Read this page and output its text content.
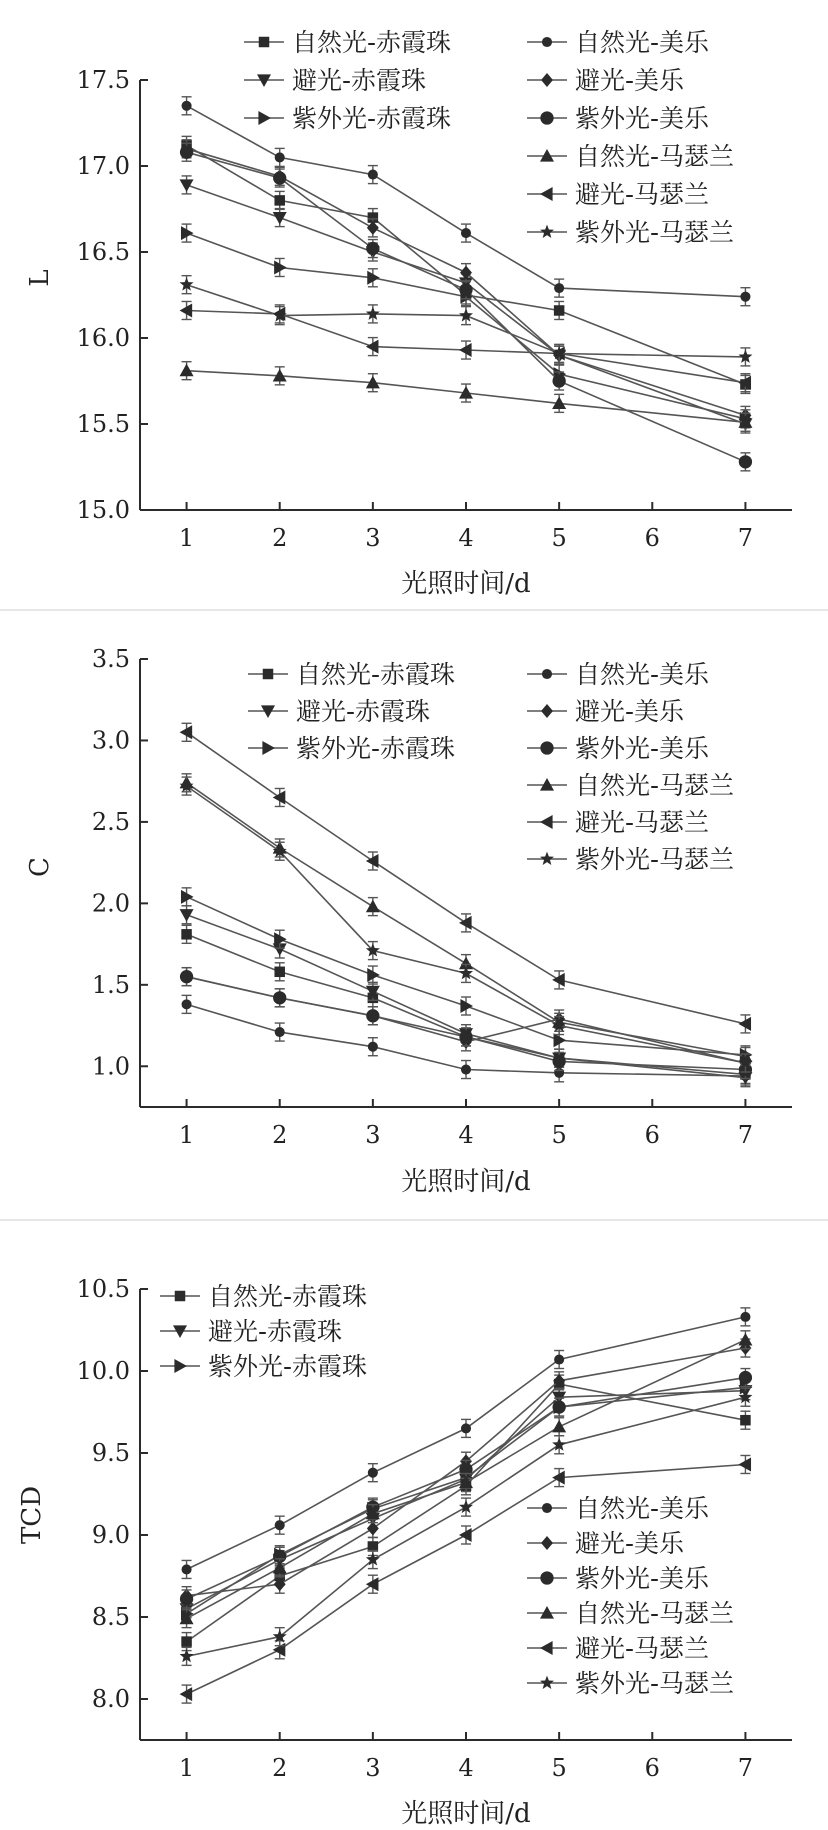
15.0
15.5
16.0
16.5
17.0
17.5
1	2	3	4	5	6	7
L
光照时间/d
自然光-赤霞珠
避光-赤霞珠
紫外光-赤霞珠
自然光-美乐
避光-美乐
紫外光-美乐
自然光-马瑟兰
避光-马瑟兰
紫外光-马瑟兰
1.0
1.5
2.0
2.5
3.0
3.5
1	2	3	4	5	6	7
C
光照时间/d
自然光-赤霞珠
避光-赤霞珠
紫外光-赤霞珠
自然光-美乐
避光-美乐
紫外光-美乐
自然光-马瑟兰
避光-马瑟兰
紫外光-马瑟兰
8.0
8.5
9.0
9.5
10.0
10.5
1	2	3	4	5	6	7
TCD
光照时间/d
自然光-赤霞珠
避光-赤霞珠
紫外光-赤霞珠
自然光-美乐
避光-美乐
紫外光-美乐
自然光-马瑟兰
避光-马瑟兰
紫外光-马瑟兰
